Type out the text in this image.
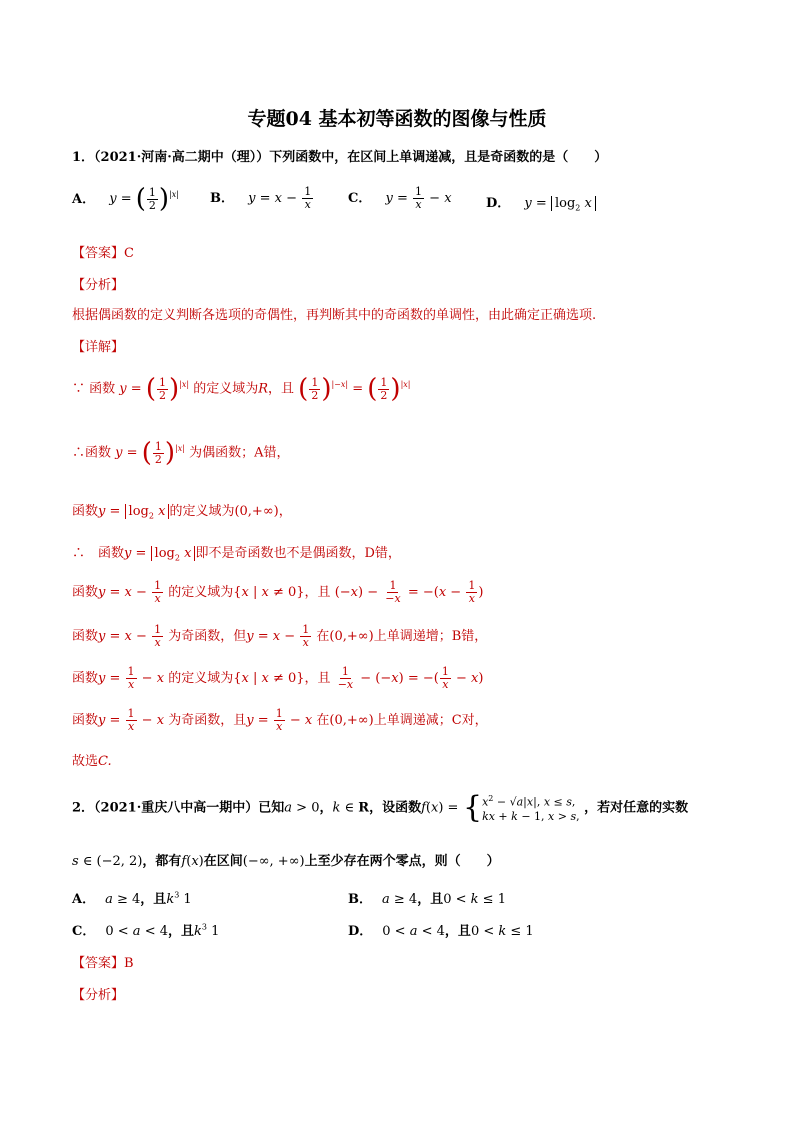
专题04 基本初等函数的图像与性质
1．（2021·河南·高二期中（理））下列函数中，在区间上单调递减，且是奇函数的是（　　）
A． y = ( $\frac{1}{2} )^{|x|}$ B． $y = x - \frac{1}{x}$	C． $y = \frac{1}{x} - x$	D． $y = \log_2 x$
【答案】C
【分析】
根据偶函数的定义判断各选项的奇偶性，再判断其中的奇函数的单调性，由此确定正确选项.
【详解】
∵ 函数 y = ( $\frac{1}{2} )^{|x|}$ 的定义域为R，且 ( $\frac{1}{2} )^{|-x|}$ = ( $\frac{1}{2} )^{|x|}$
∴函数 y = ( $\frac{1}{2} )^{|x|}$ 为偶函数；A错，
函数$y = \log_2 x$ 的定义域为(0,+∞)，
∴　函数$y = \log_2 x$ 即不是奇函数也不是偶函数，D错，
函数$y = x - \frac{1}{x}$ 的定义域为{x | x ≠ 0}，且 $(-x) - \frac{1}{-x} = -(x - \frac{1}{x}$ )
函数$y = x - \frac{1}{x}$ 为奇函数，但$y = x - \frac{1}{x}$ 在(0,+∞)上单调递增；B错，
函数$y = \frac{1}{x} - x$ 的定义域为{x | x ≠ 0}，且 $\frac{1}{-x} - (-x)$ = −( $\frac{1}{x} - x$)
函数$y = \frac{1}{x} - x$ 为奇函数，且$y = \frac{1}{x} - x$ 在(0,+∞)上单调递减；C对，
故选C.
2．（2021·重庆八中高一期中）已知a > 0，k ∈ R，设函数f(x) = { $x^2 - √a|x|$, x ≤ s,
kx + k − 1, x > s,
，若对任意的实数
s ∈ (−2, 2)，都有f(x)在区间(−∞, +∞)上至少存在两个零点，则（　　）
A． a ≥ 4，且$k^3$ 1	B． a ≥ 4，且0 < k ≤ 1
C． 0 < a < 4，且$k^3$ 1	D． 0 < a < 4，且0 < k ≤ 1
【答案】B
【分析】
